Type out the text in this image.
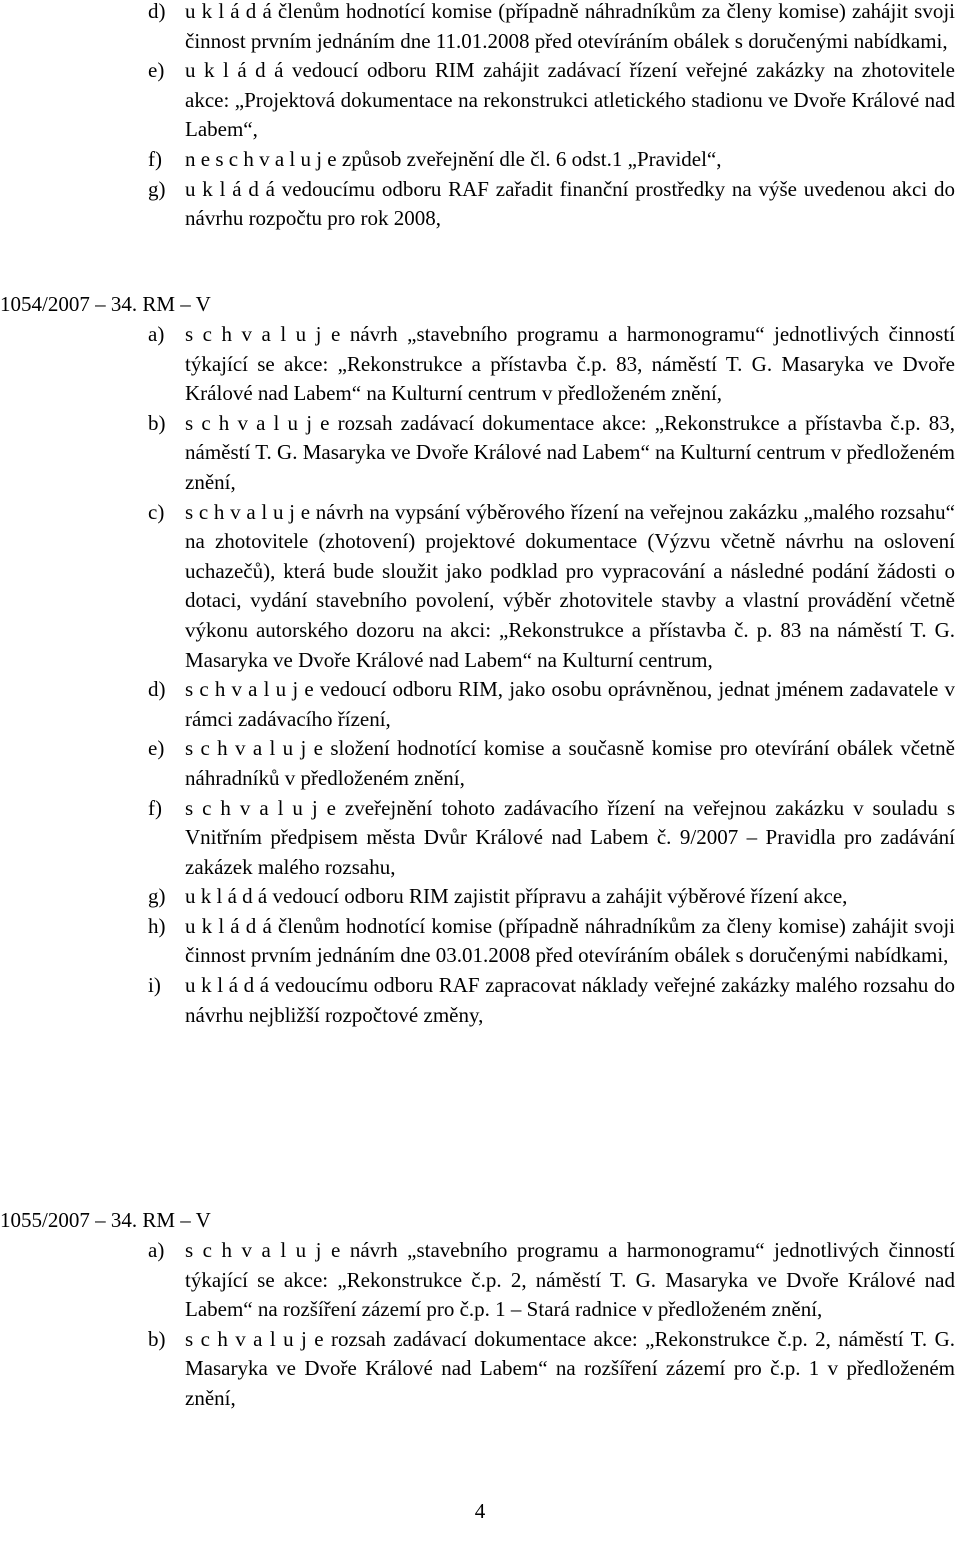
d) u k l á d á členům hodnotící komise (případně náhradníkům za členy komise) zahájit svoji činnost prvním jednáním dne 11.01.2008 před otevíráním obálek s doručenými nabídkami,
e) u k l á d á vedoucí odboru RIM zahájit zadávací řízení veřejné zakázky na zhotovitele akce: „Projektová dokumentace na rekonstrukci atletického stadionu ve Dvoře Králové nad Labem“,
f)	n e s c h v a l u j e způsob zveřejnění dle čl. 6 odst.1 „Pravidel“,
g) u k l á d á vedoucímu odboru RAF zařadit finanční prostředky na výše uvedenou akci do návrhu rozpočtu pro rok 2008,
1054/2007 – 34. RM – V
a) s c h v a l u j e návrh „stavebního programu a harmonogramu“ jednotlivých činností týkající se akce: „Rekonstrukce a přístavba č.p. 83, náměstí T. G. Masaryka ve Dvoře Králové nad Labem“ na Kulturní centrum v předloženém znění,
b) s c h v a l u j e rozsah zadávací dokumentace akce: „Rekonstrukce a přístavba č.p. 83, náměstí T. G. Masaryka ve Dvoře Králové nad Labem“ na Kulturní centrum v předloženém znění,
c) s c h v a l u j e návrh na vypsání výběrového řízení na veřejnou zakázku „malého rozsahu“ na zhotovitele (zhotovení) projektové dokumentace (Výzvu včetně návrhu na oslovení uchazečů), která bude sloužit jako podklad pro vypracování a následné podání žádosti o dotaci, vydání stavebního povolení, výběr zhotovitele stavby a vlastní provádění včetně výkonu autorského dozoru na akci: „Rekonstrukce a přístavba č. p. 83 na náměstí T. G. Masaryka ve Dvoře Králové nad Labem“ na Kulturní centrum,
d) s c h v a l u j e vedoucí odboru RIM, jako osobu oprávněnou, jednat jménem zadavatele v rámci zadávacího řízení,
e) s c h v a l u j e složení hodnotící komise a současně komise pro otevírání obálek včetně náhradníků v předloženém znění,
f)	s c h v a l u j e zveřejnění tohoto zadávacího řízení na veřejnou zakázku v souladu s Vnitřním předpisem města Dvůr Králové nad Labem č. 9/2007 – Pravidla pro zadávání zakázek malého rozsahu,
g) u k l á d á vedoucí odboru RIM zajistit přípravu a zahájit výběrové řízení akce,
h) u k l á d á členům hodnotící komise (případně náhradníkům za členy komise) zahájit svoji činnost prvním jednáním dne 03.01.2008 před otevíráním obálek s doručenými nabídkami,
i)	u k l á d á vedoucímu odboru RAF zapracovat náklady veřejné zakázky malého rozsahu do návrhu nejbližší rozpočtové změny,
1055/2007 – 34. RM – V
a) s c h v a l u j e návrh „stavebního programu a harmonogramu“ jednotlivých činností týkající se akce: „Rekonstrukce č.p. 2, náměstí T. G. Masaryka ve Dvoře Králové nad Labem“ na rozšíření zázemí pro č.p. 1 – Stará radnice v předloženém znění,
b) s c h v a l u j e rozsah zadávací dokumentace akce: „Rekonstrukce č.p. 2, náměstí T. G. Masaryka ve Dvoře Králové nad Labem“ na rozšíření zázemí pro č.p. 1 v předloženém znění,
4
